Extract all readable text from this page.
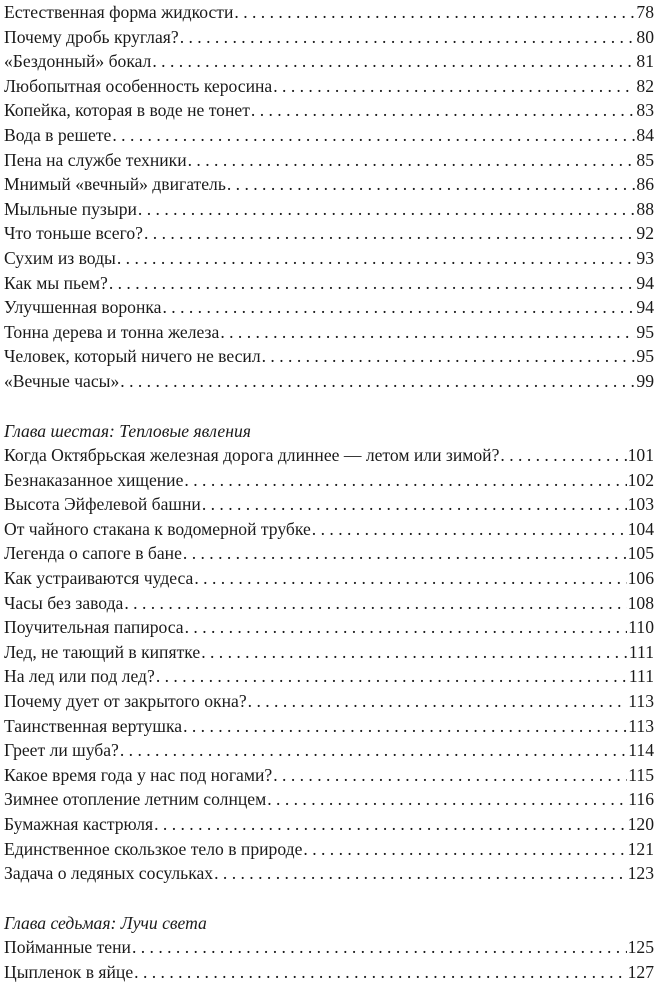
Естественная форма жидкости . . .	78
Почему дробь круглая? . . .	80
«Бездонный» бокал . . .	81
Любопытная особенность керосина . . .	82
Копейка, которая в воде не тонет . . .	83
Вода в решете . . .	84
Пена на службе техники . . .	85
Мнимый «вечный» двигатель . . .	86
Мыльные пузыри . . .	88
Что тоньше всего? . . .	92
Сухим из воды . . .	93
Как мы пьем? . . .	94
Улучшенная воронка . . .	94
Тонна дерева и тонна железа . . .	95
Человек, который ничего не весил . . .	95
«Вечные часы» . . .	99
Глава шестая: Тепловые явления
Когда Октябрьская железная дорога длиннее — летом или зимой? . . .	101
Безнаказанное хищение . . .	102
Высота Эйфелевой башни . . .	103
От чайного стакана к водомерной трубке . . .	104
Легенда о сапоге в бане . . .	105
Как устраиваются чудеса . . .	106
Часы без завода . . .	108
Поучительная папироса . . .	110
Лед, не тающий в кипятке . . .	111
На лед или под лед? . . .	111
Почему дует от закрытого окна? . . .	113
Таинственная вертушка . . .	113
Греет ли шуба? . . .	114
Какое время года у нас под ногами? . . .	115
Зимнее отопление летним солнцем . . .	116
Бумажная кастрюля . . .	120
Единственное скользкое тело в природе . . .	121
Задача о ледяных сосульках . . .	123
Глава седьмая: Лучи света
Пойманные тени . . .	125
Цыпленок в яйце . . .	127
